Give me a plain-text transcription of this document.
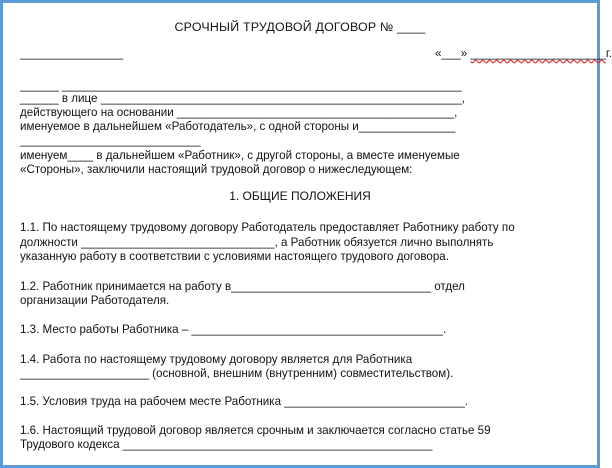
СРОЧНЫЙ ТРУДОВОЙ ДОГОВОР № ____
________________	«___» _____________________г.
______ ______________________________________________________________
______ в лице ________________________________________________________,
действующего на основании ___________________________________________,
именуемое в дальнейшем «Работодатель», с одной стороны и_______________
____________________________
именуем____ в дальнейшем «Работник», с другой стороны, а вместе именуемые
«Стороны», заключили настоящий трудовой договор о нижеследующем:
1. ОБЩИЕ ПОЛОЖЕНИЯ
1.1. По настоящему трудовому договору Работодатель предоставляет Работнику работу по
должности ______________________________, а Работник обязуется лично выполнять
указанную работу в соответствии с условиями настоящего трудового договора.
1.2. Работник принимается на работу в_______________________________ отдел
организации Работодателя.
1.3. Место работы Работника – _______________________________________.
1.4. Работа по настоящему трудовому договору является для Работника
____________________ (основной, внешним (внутренним) совместительством).
1.5. Условия труда на рабочем месте Работника ____________________________.
1.6. Настоящий трудовой договор является срочным и заключается согласно статье 59
Трудового кодекса ________________________________________________
